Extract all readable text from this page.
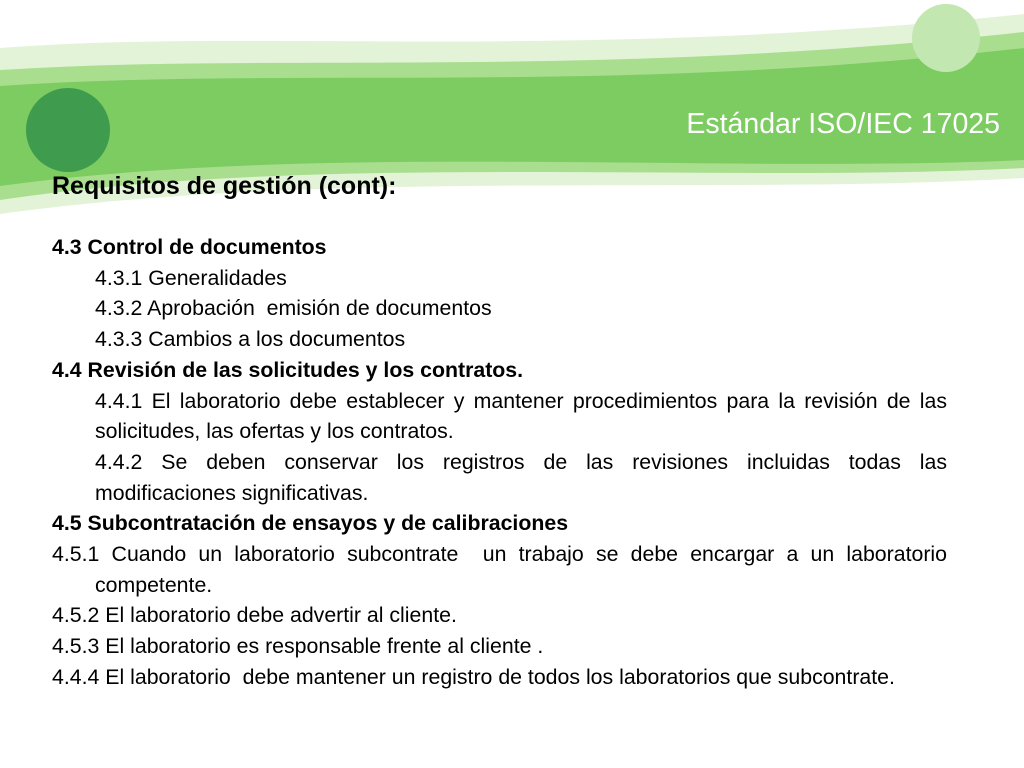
Estándar ISO/IEC 17025
Requisitos de gestión (cont):

4.3 Control de documentos

4.3.1 Generalidades

4.3.2 Aprobación  emisión de documentos

4.3.3 Cambios a los documentos

4.4 Revisión de las solicitudes y los contratos.

4.4.1 El laboratorio debe establecer y mantener procedimientos para la revisión de las solicitudes, las ofertas y los contratos.

4.4.2 Se deben conservar los registros de las revisiones incluidas todas las modificaciones significativas.

4.5 Subcontratación de ensayos y de calibraciones

4.5.1 Cuando un laboratorio subcontrate  un trabajo se debe encargar a un laboratorio competente.

4.5.2 El laboratorio debe advertir al cliente.

4.5.3 El laboratorio es responsable frente al cliente .

4.4.4 El laboratorio  debe mantener un registro de todos los laboratorios que subcontrate.
